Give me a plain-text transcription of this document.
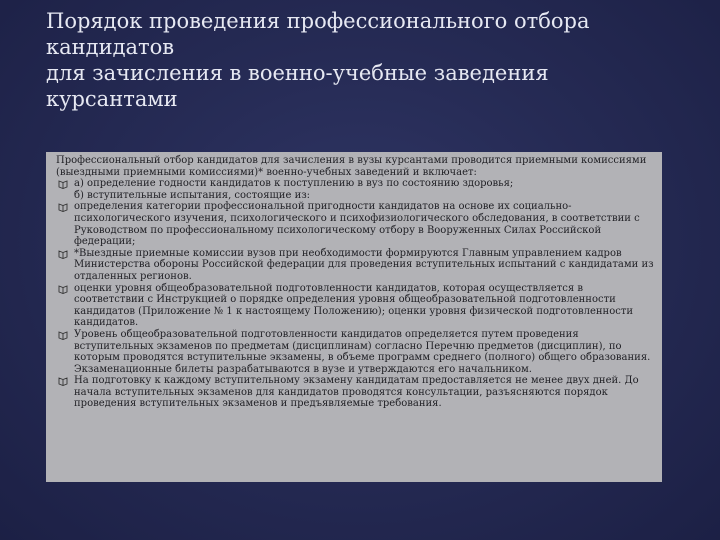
Порядок проведения профессионального отбора
кандидатов
для зачисления в военно-учебные заведения
курсантами

Профессиональный отбор кандидатов для зачисления в вузы курсантами проводится приемными комиссиями (выездными приемными комиссиями)* военно-учебных заведений и включает:

а) определение годности кандидатов к поступлению в вуз по состоянию здоровья;
б) вступительные испытания, состоящие из:
определения категории профессиональной пригодности кандидатов на основе их социально-психологического изучения, психологического и психофизиологического обследования, в соответствии с Руководством по профессиональному психологическому отбору в Вооруженных Силах Российской федерации;
*Выездные приемные комиссии вузов при необходимости формируются Главным управлением кадров Министерства обороны Российской федерации для проведения вступительных испытаний с кандидатами из отдаленных регионов.
оценки уровня общеобразовательной подготовленности кандидатов, которая осуществляется в соответствии с Инструкцией о порядке определения уровня общеобразовательной подготовленности кандидатов (Приложение № 1 к настоящему Положению); оценки уровня физической подготовленности кандидатов.
Уровень общеобразовательной подготовленности кандидатов определяется путем проведения вступительных экзаменов по предметам (дисциплинам) согласно Перечню предметов (дисциплин), по которым проводятся вступительные экзамены, в объеме программ среднего (полного) общего образования. Экзаменационные билеты разрабатываются в вузе и утверждаются его начальником.
На подготовку к каждому вступительному экзамену кандидатам предоставляется не менее двух дней. До начала вступительных экзаменов для кандидатов проводятся консультации, разъясняются порядок проведения вступительных экзаменов и предъявляемые требования.
